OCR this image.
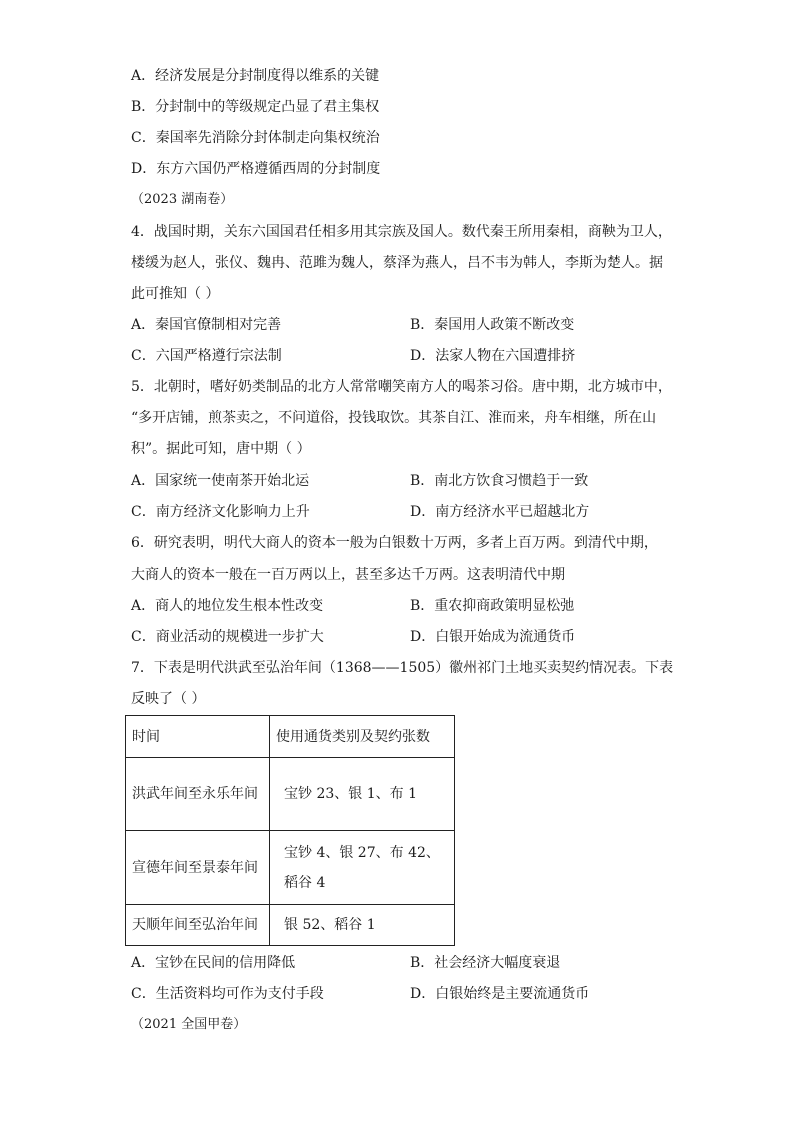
A．经济发展是分封制度得以维系的关键
B．分封制中的等级规定凸显了君主集权
C．秦国率先消除分封体制走向集权统治
D．东方六国仍严格遵循西周的分封制度
（2023 湖南卷）
4．战国时期，关东六国国君任相多用其宗族及国人。数代秦王所用秦相，商鞅为卫人，
楼缓为赵人，张仪、魏冉、范雎为魏人，蔡泽为燕人，吕不韦为韩人，李斯为楚人。据
此可推知（ ）
A．秦国官僚制相对完善	B．秦国用人政策不断改变
C．六国严格遵行宗法制	D．法家人物在六国遭排挤
5．北朝时，嗜好奶类制品的北方人常常嘲笑南方人的喝茶习俗。唐中期，北方城市中，
“多开店铺，煎茶卖之，不问道俗，投钱取饮。其茶自江、淮而来，舟车相继，所在山
积”。据此可知，唐中期（ ）
A．国家统一使南茶开始北运	B．南北方饮食习惯趋于一致
C．南方经济文化影响力上升	D．南方经济水平已超越北方
6．研究表明，明代大商人的资本一般为白银数十万两，多者上百万两。到清代中期，
大商人的资本一般在一百万两以上，甚至多达千万两。这表明清代中期
A．商人的地位发生根本性改变	B．重农抑商政策明显松弛
C．商业活动的规模进一步扩大	D．白银开始成为流通货币
7．下表是明代洪武至弘治年间（1368——1505）徽州祁门土地买卖契约情况表。下表
反映了（ ）
时间	使用通货类别及契约张数
洪武年间至永乐年间	宝钞 23、银 1、布 1
宣德年间至景泰年间	宝钞 4、银 27、布 42、稻谷 4
天顺年间至弘治年间	银 52、稻谷 1
A．宝钞在民间的信用降低	B．社会经济大幅度衰退
C．生活资料均可作为支付手段	D．白银始终是主要流通货币
（2021 全国甲卷）
